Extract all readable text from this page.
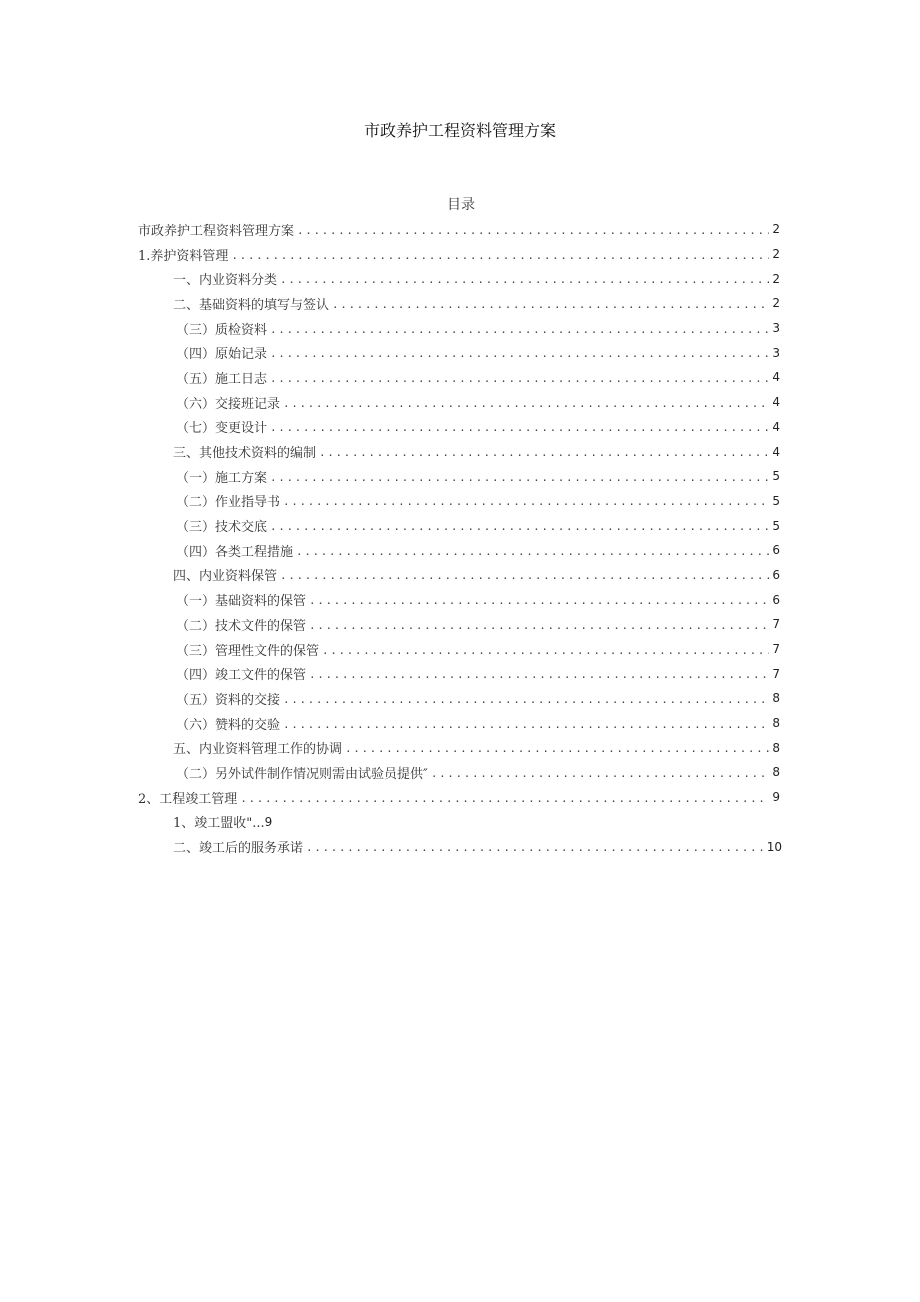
市政养护工程资料管理方案
目录
市政养护工程资料管理方案 .....	2
1.养护资料管理 .....	2
一、内业资料分类 .....	2
二、基础资料的填写与签认 .....	2
（三）质检资料 .....	3
（四）原始记录 .....	3
（五）施工日志 .....	4
（六）交接班记录 .....	4
（七）变更设计 .....	4
三、其他技术资料的编制 .....	4
（一）施工方案 .....	5
（二）作业指导书 .....	5
（三）技术交底 .....	5
（四）各类工程措施 .....	6
四、内业资料保管 .....	6
（一）基础资料的保管 .....	6
（二）技术文件的保管 .....	7
（三）管理性文件的保管 .....	7
（四）竣工文件的保管 .....	7
（五）资料的交接 .....	8
（六）赞料的交验 .....	8
五、内业资料管理工作的协调 .....	8
（二）另外试件制作情况则需由试验员提供″ .....	8
2、工程竣工管理 .....	9
1、竣工盟收"... 9
二、竣工后的服务承诺 .....	10
